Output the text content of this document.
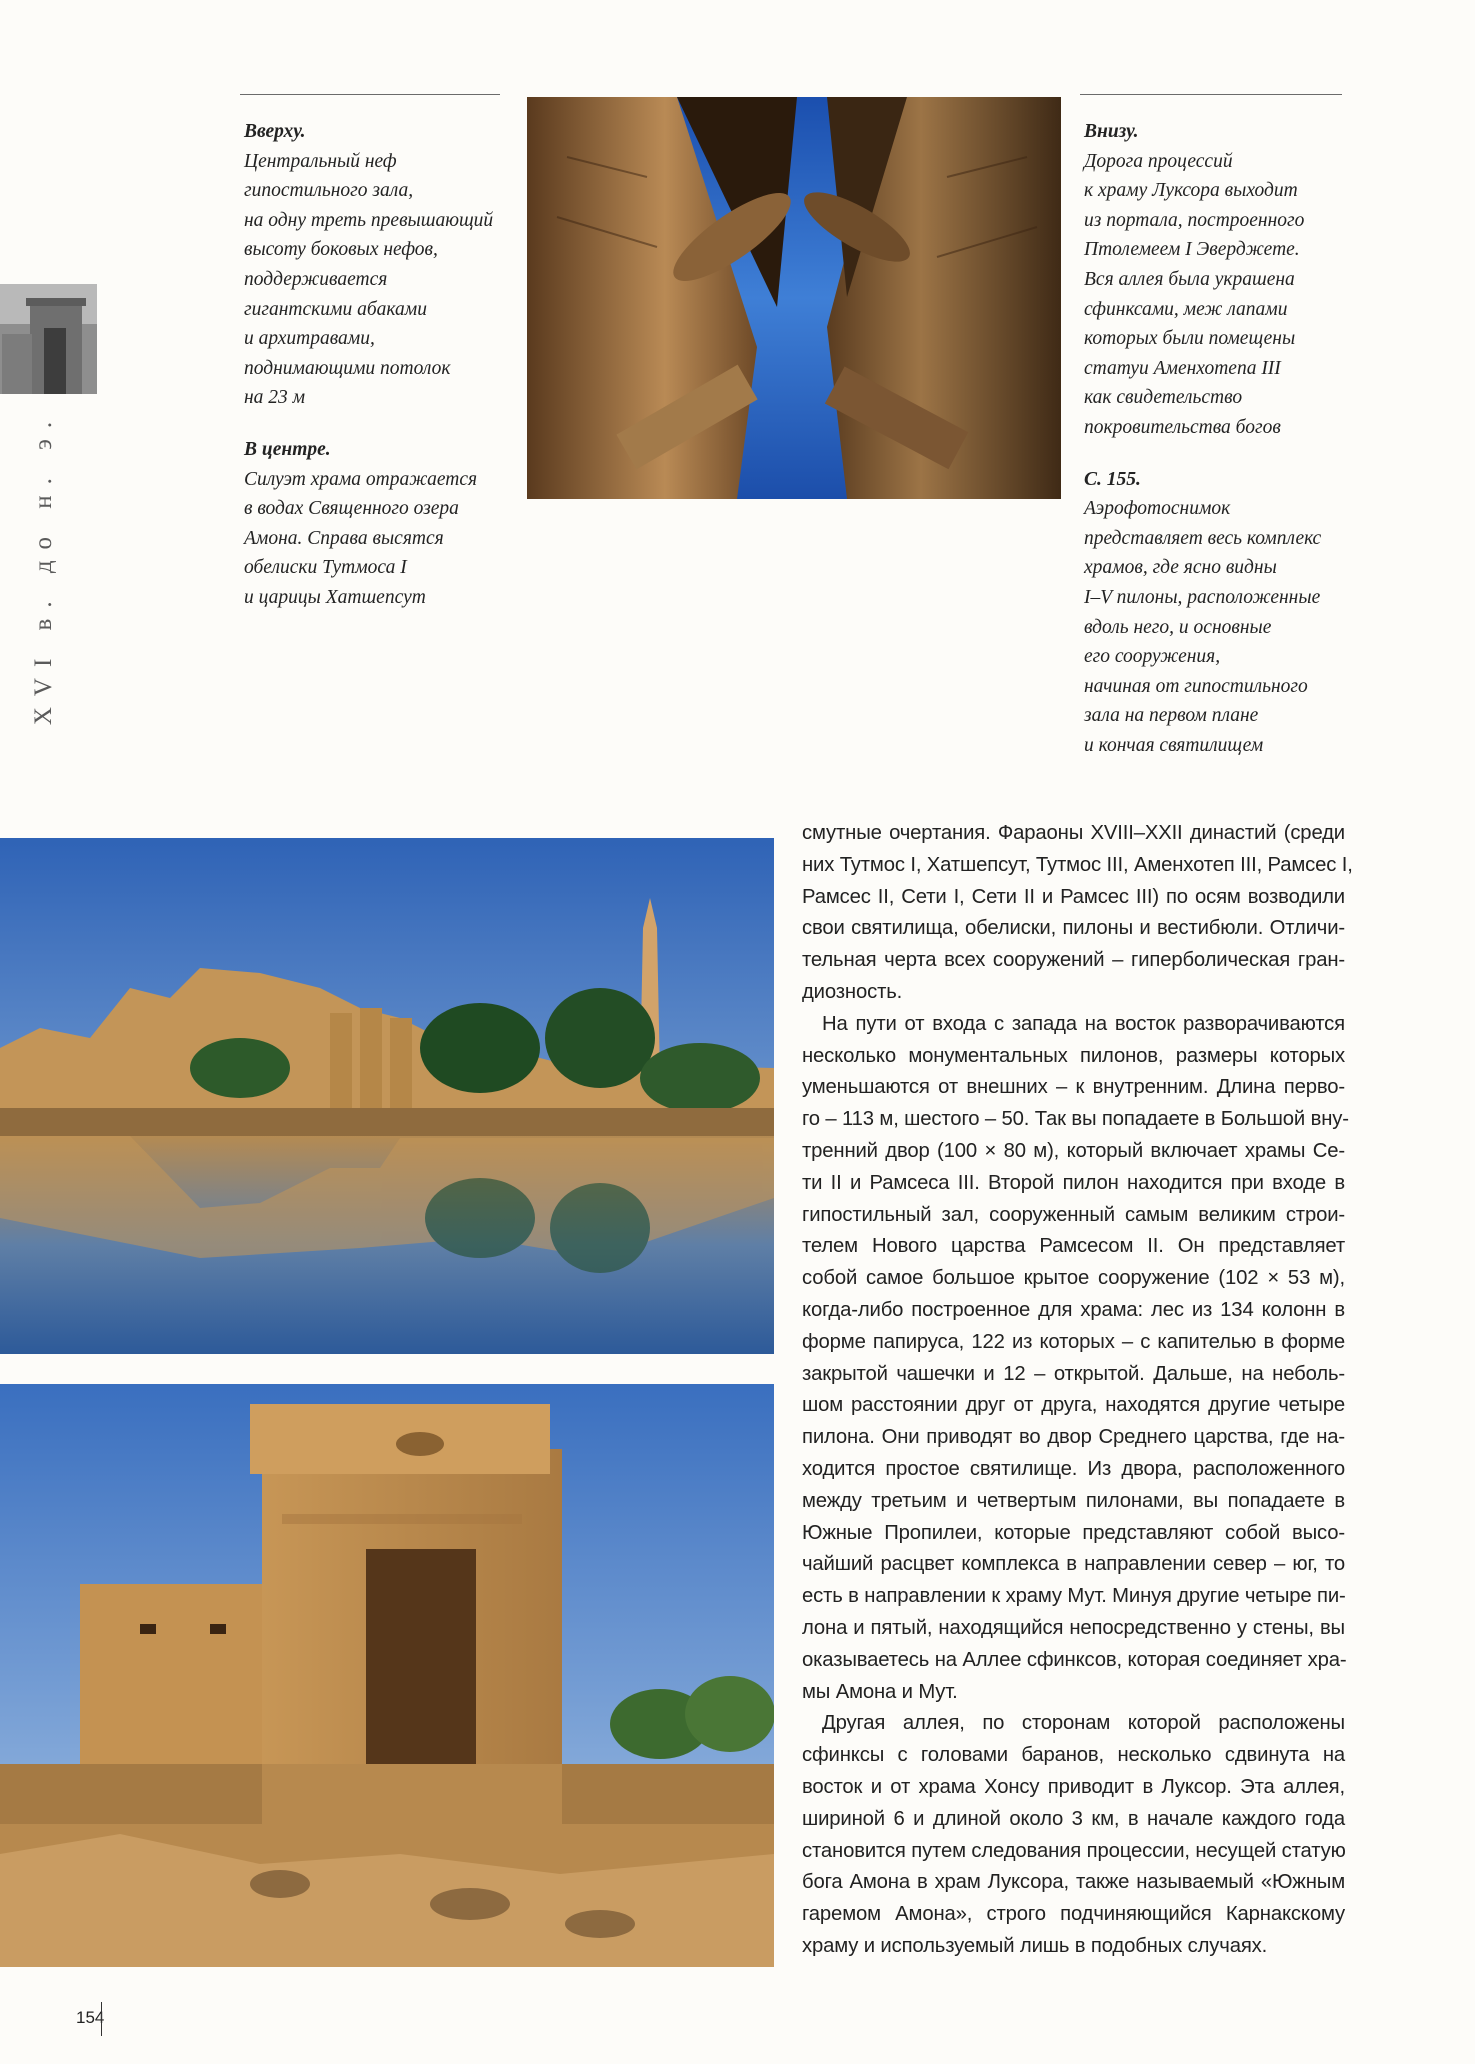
XVI в. до н. э.
Вверху.
Центральный неф
гипостильного зала,
на одну треть превышающий
высоту боковых нефов,
поддерживается
гигантскими абаками
и архитравами,
поднимающими потолок
на 23 м
В центре.
Силуэт храма отражается
в водах Священного озера
Амона. Справа высятся
обелиски Тутмоса I
и царицы Хатшепсут
Внизу.
Дорога процессий
к храму Луксора выходит
из портала, построенного
Птолемеем I Эверджете.
Вся аллея была украшена
сфинксами, меж лапами
которых были помещены
статуи Аменхотепа III
как свидетельство
покровительства богов
С. 155.
Аэрофотоснимок
представляет весь комплекс
храмов, где ясно видны
I–V пилоны, расположенные
вдоль него, и основные
его сооружения,
начиная от гипостильного
зала на первом плане
и кончая святилищем
смутные очертания. Фараоны XVIII–XXII династий (среди
них Тутмос I, Хатшепсут, Тутмос III, Аменхотеп III, Рамсес I,
Рамсес II, Сети I, Сети II и Рамсес III) по осям возводили
свои святилища, обелиски, пилоны и вестибюли. Отличи-
тельная черта всех сооружений – гиперболическая гран-
диозность.
На пути от входа с запада на восток разворачиваются
несколько монументальных пилонов, размеры которых
уменьшаются от внешних – к внутренним. Длина перво-
го – 113 м, шестого – 50. Так вы попадаете в Большой вну-
тренний двор (100 × 80 м), который включает храмы Се-
ти II и Рамсеса III. Второй пилон находится при входе в
гипостильный зал, сооруженный самым великим строи-
телем Нового царства Рамсесом II. Он представляет
собой самое большое крытое сооружение (102 × 53 м),
когда-либо построенное для храма: лес из 134 колонн в
форме папируса, 122 из которых – с капителью в форме
закрытой чашечки и 12 – открытой. Дальше, на неболь-
шом расстоянии друг от друга, находятся другие четыре
пилона. Они приводят во двор Среднего царства, где на-
ходится простое святилище. Из двора, расположенного
между третьим и четвертым пилонами, вы попадаете в
Южные Пропилеи, которые представляют собой высо-
чайший расцвет комплекса в направлении север – юг, то
есть в направлении к храму Мут. Минуя другие четыре пи-
лона и пятый, находящийся непосредственно у стены, вы
оказываетесь на Аллее сфинксов, которая соединяет хра-
мы Амона и Мут.
Другая аллея, по сторонам которой расположены
сфинксы с головами баранов, несколько сдвинута на
восток и от храма Хонсу приводит в Луксор. Эта аллея,
шириной 6 и длиной около 3 км, в начале каждого года
становится путем следования процессии, несущей статую
бога Амона в храм Луксора, также называемый «Южным
гаремом Амона», строго подчиняющийся Карнакскому
храму и используемый лишь в подобных случаях.
154
